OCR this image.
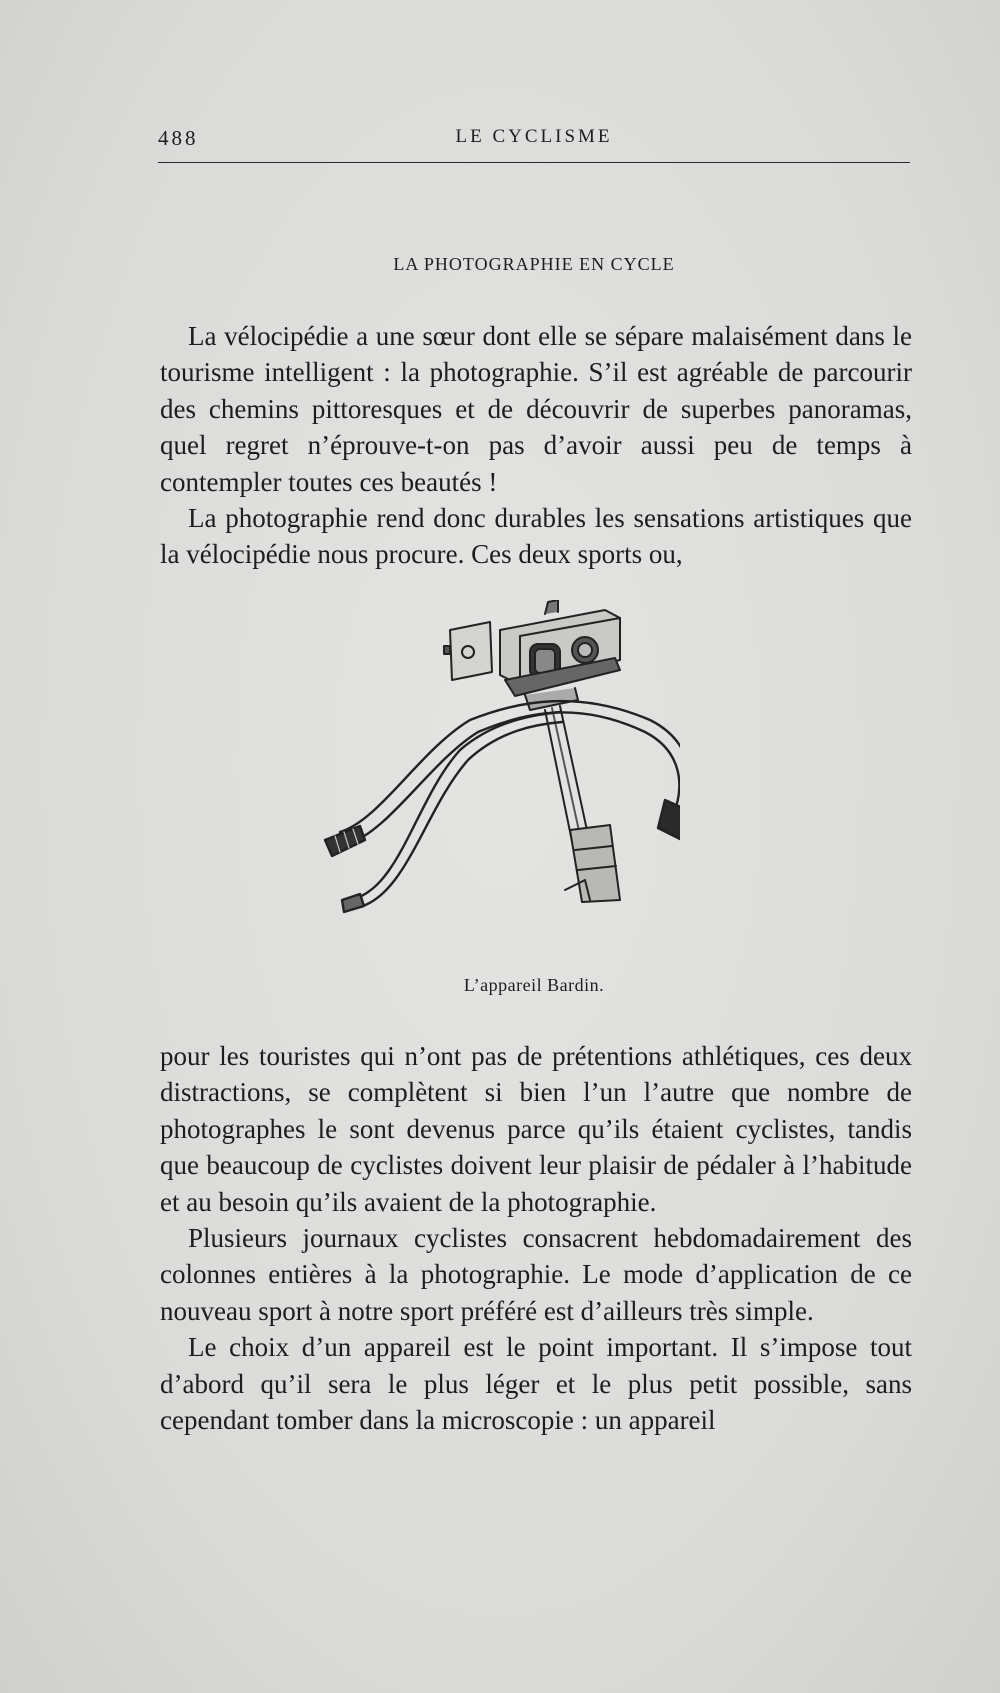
488	LE CYCLISME
LA PHOTOGRAPHIE EN CYCLE

La vélocipédie a une sœur dont elle se sépare malaisément dans le tourisme intelligent : la photographie. S’il est agréable de parcourir des chemins pittoresques et de découvrir de superbes panoramas, quel regret n’éprouve-t-on pas d’avoir aussi peu de temps à contempler toutes ces beautés !

La photographie rend donc durables les sensations artistiques que la vélocipédie nous procure. Ces deux sports ou,

L’appareil Bardin.

pour les touristes qui n’ont pas de prétentions athlétiques, ces deux distractions, se complètent si bien l’un l’autre que nombre de photographes le sont devenus parce qu’ils étaient cyclistes, tandis que beaucoup de cyclistes doivent leur plaisir de pédaler à l’habitude et au besoin qu’ils avaient de la photographie.

Plusieurs journaux cyclistes consacrent hebdomadairement des colonnes entières à la photographie. Le mode d’application de ce nouveau sport à notre sport préféré est d’ailleurs très simple.

Le choix d’un appareil est le point important. Il s’impose tout d’abord qu’il sera le plus léger et le plus petit possible, sans cependant tomber dans la microscopie : un appareil
